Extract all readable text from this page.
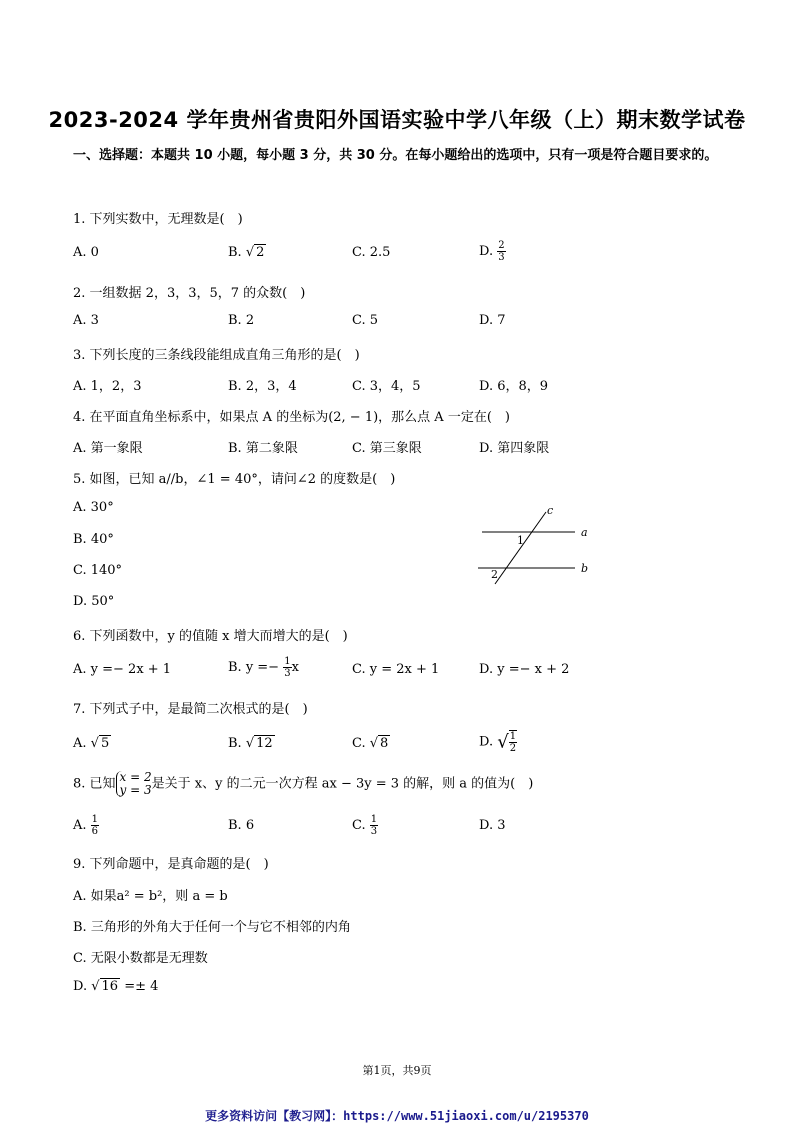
2023-2024 学年贵州省贵阳外国语实验中学八年级（上）期末数学试卷
一、选择题：本题共 10 小题，每小题 3 分，共 30 分。在每小题给出的选项中，只有一项是符合题目要求的。
1. 下列实数中，无理数是(　)
A. 0	B. √ 2	C. 2.5	D. $\frac{2}{3}$
2. 一组数据 2，3，3，5，7 的众数(　)
A. 3	B. 2	C. 5	D. 7
3. 下列长度的三条线段能组成直角三角形的是(　)
A. 1，2，3	B. 2，3，4	C. 3，4，5	D. 6，8，9
4. 在平面直角坐标系中，如果点 A 的坐标为(2, − 1)，那么点 A 一定在(　)
A. 第一象限	B. 第二象限	C. 第三象限	D. 第四象限
5. 如图，已知 a//b，∠1 = 40°，请问∠2 的度数是(　)
A. 30°
B. 40°
C. 140°
D. 50°
c
a
b
1
2
6. 下列函数中，y 的值随 x 增大而增大的是(　)
A. y =− 2x + 1	B. $y =- \frac{1}{3}$ x	C. y = 2x + 1	D. y =− x + 2
7. 下列式子中，是最简二次根式的是(　)
A. √ 5	B. √ 12	C. √ 8	D. √ $\frac{1}{2}$
8. 已知 x = 2
y = 3 是关于 x、y 的二元一次方程 ax − 3y = 3 的解，则 a 的值为(　)
A. $\frac{1}{6}$	B. 6	C. $\frac{1}{3}$	D. 3
9. 下列命题中，是真命题的是(　)
A. 如果a² = b²，则 a = b
B. 三角形的外角大于任何一个与它不相邻的内角
C. 无限小数都是无理数
D. √ 16 =± 4
第1页，共9页
更多资料访问【教习网】：https://www.51jiaoxi.com/u/2195370
